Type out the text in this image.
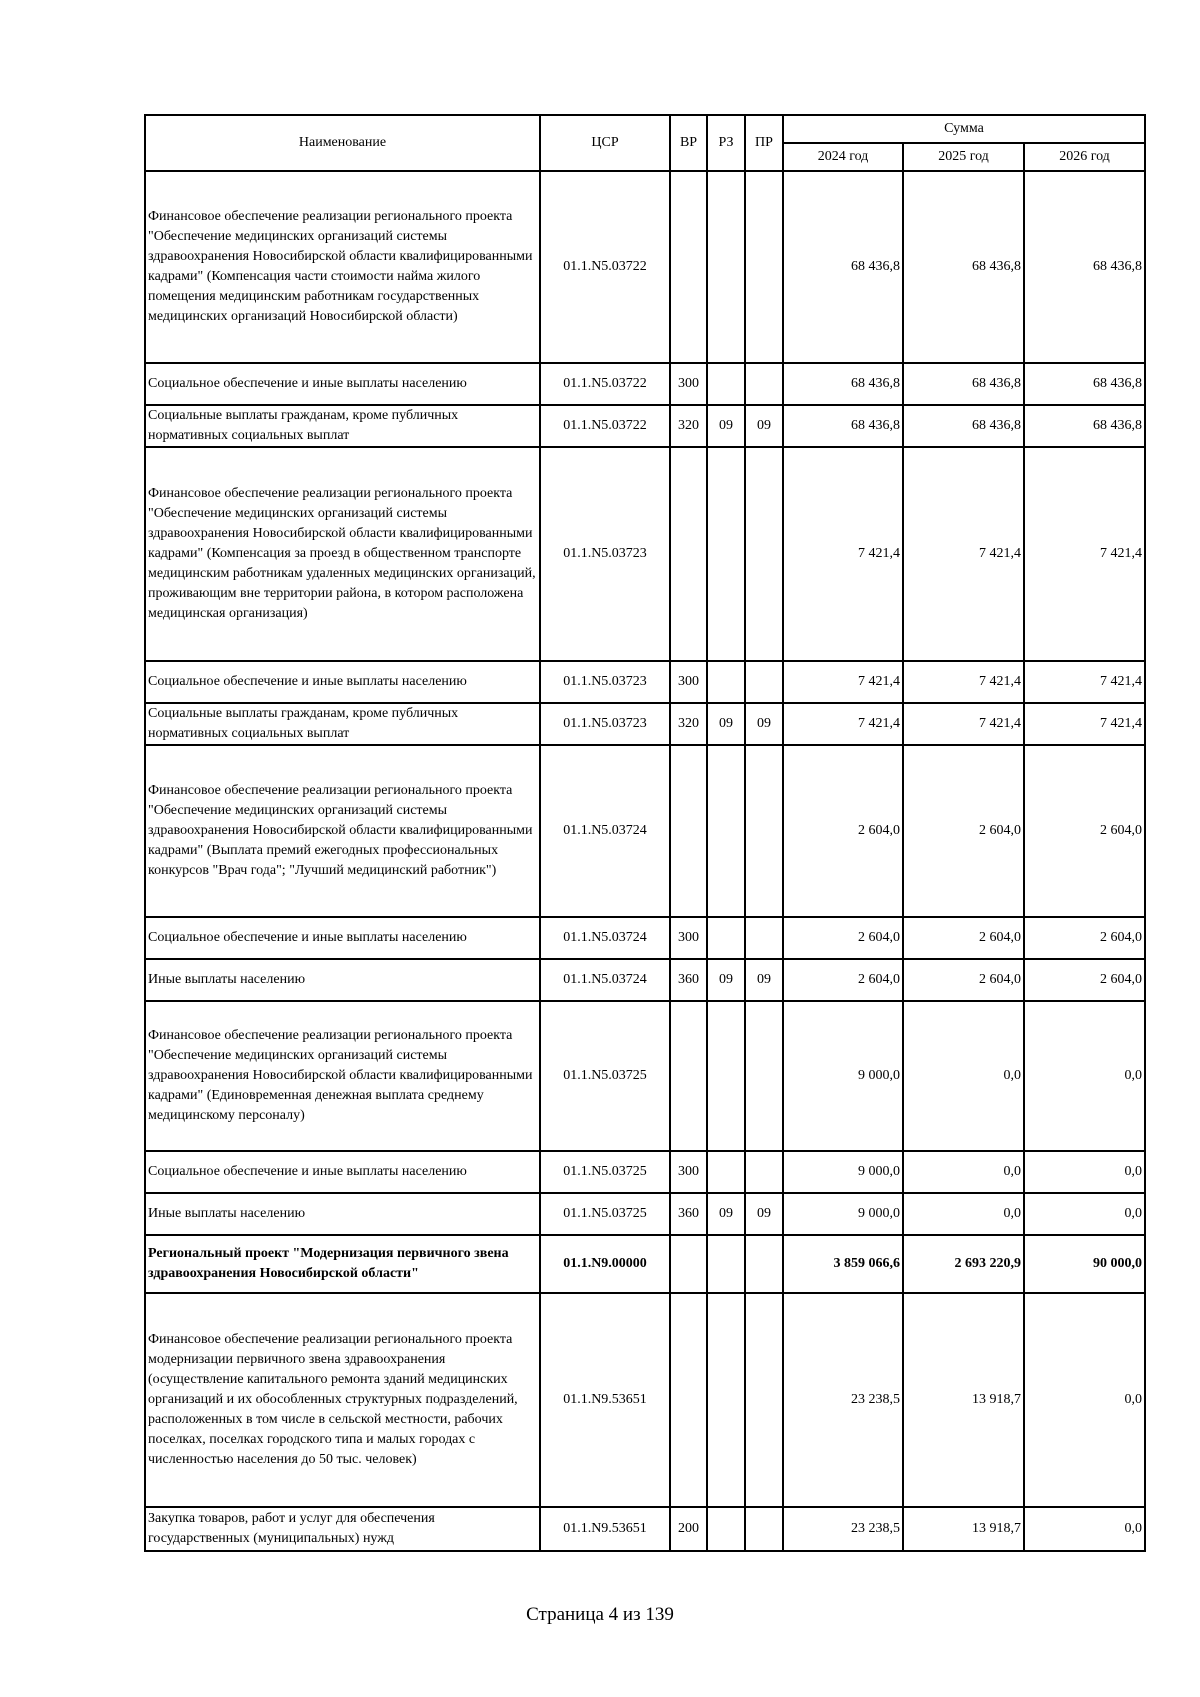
Наименование	ЦСР	ВР	РЗ	ПР	Сумма		
					2024 год	2025 год	2026 год
Финансовое обеспечение реализации регионального проекта "Обеспечение медицинских организаций системы здравоохранения Новосибирской области квалифицированными кадрами" (Компенсация части стоимости найма жилого помещения медицинским работникам государственных медицинских организаций Новосибирской области)	01.1.N5.03722				68 436,8	68 436,8	68 436,8
Социальное обеспечение и иные выплаты населению	01.1.N5.03722	300			68 436,8	68 436,8	68 436,8
Социальные выплаты гражданам, кроме публичных нормативных социальных выплат	01.1.N5.03722	320	09	09	68 436,8	68 436,8	68 436,8
Финансовое обеспечение реализации регионального проекта "Обеспечение медицинских организаций системы здравоохранения Новосибирской области квалифицированными кадрами" (Компенсация за проезд в общественном транспорте медицинским работникам удаленных медицинских организаций, проживающим вне территории района, в котором расположена медицинская организация)	01.1.N5.03723				7 421,4	7 421,4	7 421,4
Социальное обеспечение и иные выплаты населению	01.1.N5.03723	300			7 421,4	7 421,4	7 421,4
Социальные выплаты гражданам, кроме публичных нормативных социальных выплат	01.1.N5.03723	320	09	09	7 421,4	7 421,4	7 421,4
Финансовое обеспечение реализации регионального проекта "Обеспечение медицинских организаций системы здравоохранения Новосибирской области квалифицированными кадрами" (Выплата премий ежегодных профессиональных конкурсов "Врач года"; "Лучший медицинский работник")	01.1.N5.03724				2 604,0	2 604,0	2 604,0
Социальное обеспечение и иные выплаты населению	01.1.N5.03724	300			2 604,0	2 604,0	2 604,0
Иные выплаты населению	01.1.N5.03724	360	09	09	2 604,0	2 604,0	2 604,0
Финансовое обеспечение реализации регионального проекта "Обеспечение медицинских организаций системы здравоохранения Новосибирской области квалифицированными кадрами" (Единовременная денежная выплата среднему медицинскому персоналу)	01.1.N5.03725				9 000,0	0,0	0,0
Социальное обеспечение и иные выплаты населению	01.1.N5.03725	300			9 000,0	0,0	0,0
Иные выплаты населению	01.1.N5.03725	360	09	09	9 000,0	0,0	0,0
Региональный проект "Модернизация первичного звена здравоохранения Новосибирской области"	01.1.N9.00000				3 859 066,6	2 693 220,9	90 000,0
Финансовое обеспечение реализации регионального проекта модернизации первичного звена здравоохранения (осуществление капитального ремонта зданий медицинских организаций и их обособленных структурных подразделений, расположенных в том числе в сельской местности, рабочих поселках, поселках городского типа и малых городах с численностью населения до 50 тыс. человек)	01.1.N9.53651				23 238,5	13 918,7	0,0
Закупка товаров, работ и услуг для обеспечения государственных (муниципальных) нужд	01.1.N9.53651	200			23 238,5	13 918,7	0,0
Страница 4 из 139
